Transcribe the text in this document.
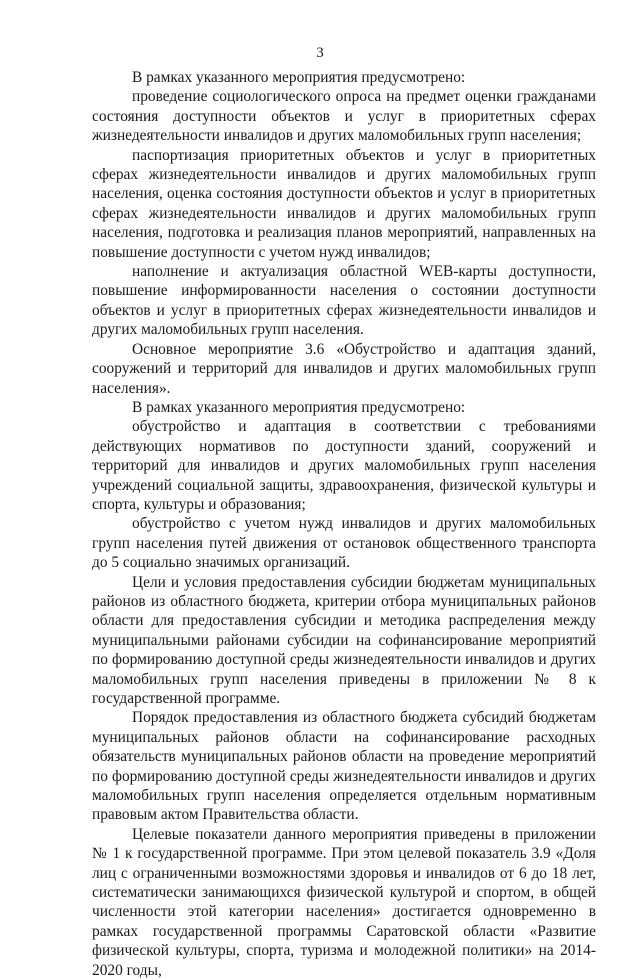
3

В рамках указанного мероприятия предусмотрено:

проведение социологического опроса на предмет оценки гражданами состояния доступности объектов и услуг в приоритетных сферах жизнедеятельности инвалидов и других маломобильных групп населения;

паспортизация приоритетных объектов и услуг в приоритетных сферах жизнедеятельности инвалидов и других маломобильных групп населения, оценка состояния доступности объектов и услуг в приоритетных сферах жизнедеятельности инвалидов и других маломобильных групп населения, подготовка и реализация планов мероприятий, направленных на повышение доступности с учетом нужд инвалидов;

наполнение и актуализация областной WEB-карты доступности, повышение информированности населения о состоянии доступности объектов и услуг в приоритетных сферах жизнедеятельности инвалидов и других маломобильных групп населения.

Основное мероприятие 3.6 «Обустройство и адаптация зданий, сооружений и территорий для инвалидов и других маломобильных групп населения».

В рамках указанного мероприятия предусмотрено:

обустройство и адаптация в соответствии с требованиями действующих нормативов по доступности зданий, сооружений и территорий для инвалидов и других маломобильных групп населения учреждений социальной защиты, здравоохранения, физической культуры и спорта, культуры и образования;

обустройство с учетом нужд инвалидов и других маломобильных групп населения путей движения от остановок общественного транспорта до 5 социально значимых организаций.

Цели и условия предоставления субсидии бюджетам муниципальных районов из областного бюджета, критерии отбора муниципальных районов области для предоставления субсидии и методика распределения между муниципальными районами субсидии на софинансирование мероприятий по формированию доступной среды жизнедеятельности инвалидов и других маломобильных групп населения приведены в приложении № 8 к государственной программе.

Порядок предоставления из областного бюджета субсидий бюджетам муниципальных районов области на софинансирование расходных обязательств муниципальных районов области на проведение мероприятий по формированию доступной среды жизнедеятельности инвалидов и других маломобильных групп населения определяется отдельным нормативным правовым актом Правительства области.

Целевые показатели данного мероприятия приведены в приложении № 1 к государственной программе. При этом целевой показатель 3.9 «Доля лиц с ограниченными возможностями здоровья и инвалидов от 6 до 18 лет, систематически занимающихся физической культурой и спортом, в общей численности этой категории населения» достигается одновременно в рамках государственной программы Саратовской области «Развитие физической культуры, спорта, туризма и молодежной политики» на 2014-2020 годы,
